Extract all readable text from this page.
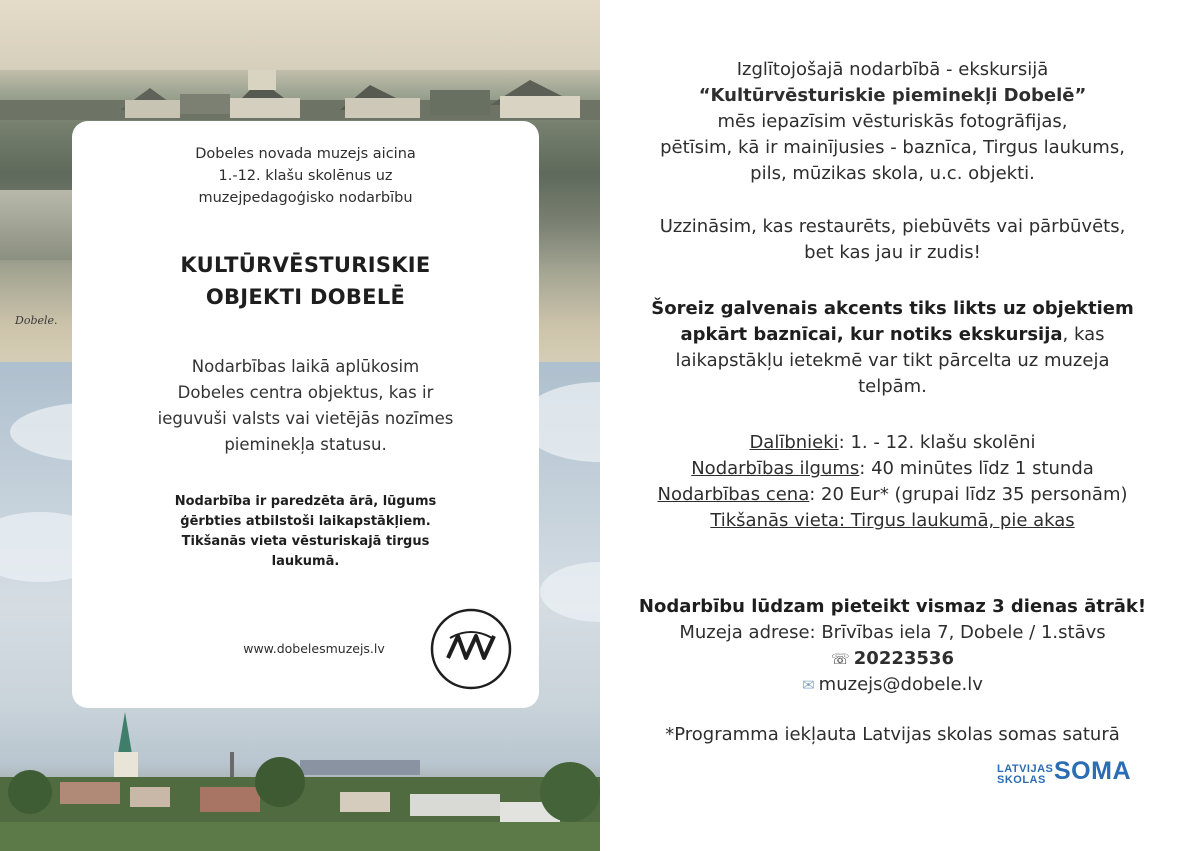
Dobele.
Dobeles novada muzejs aicina
1.-12. klašu skolēnus uz
muzejpedagoģisko nodarbību
KULTŪRVĒSTURISKIE
OBJEKTI DOBELĒ
Nodarbības laikā aplūkosim
Dobeles centra objektus, kas ir
ieguvuši valsts vai vietējās nozīmes
pieminekļa statusu.
Nodarbība ir paredzēta ārā, lūgums
ģērbties atbilstoši laikapstākļiem.
Tikšanās vieta vēsturiskajā tirgus
laukumā.
www.dobelesmuzejs.lv

Izglītojošajā nodarbībā - ekskursijā
“Kultūrvēsturiskie pieminekļi Dobelē”
mēs iepazīsim vēsturiskās fotogrāfijas,
pētīsim, kā ir mainījusies - baznīca, Tirgus laukums,
pils, mūzikas skola, u.c. objekti.

Uzzināsim, kas restaurēts, piebūvēts vai pārbūvēts,
bet kas jau ir zudis!

Šoreiz galvenais akcents tiks likts uz objektiem
apkārt baznīcai, kur notiks ekskursija, kas
laikapstākļu ietekmē var tikt pārcelta uz muzeja
telpām.

Dalībnieki: 1. - 12. klašu skolēni
Nodarbības ilgums: 40 minūtes līdz 1 stunda
Nodarbības cena: 20 Eur* (grupai līdz 35 personām)
Tikšanās vieta: Tirgus laukumā, pie akas

Nodarbību lūdzam pieteikt vismaz 3 dienas ātrāk!
Muzeja adrese: Brīvības iela 7, Dobele / 1.stāvs
☏ 20223536
✉ muzejs@dobele.lv

*Programma iekļauta Latvijas skolas somas saturā

LATVIJAS
SKOLAS SOMA
